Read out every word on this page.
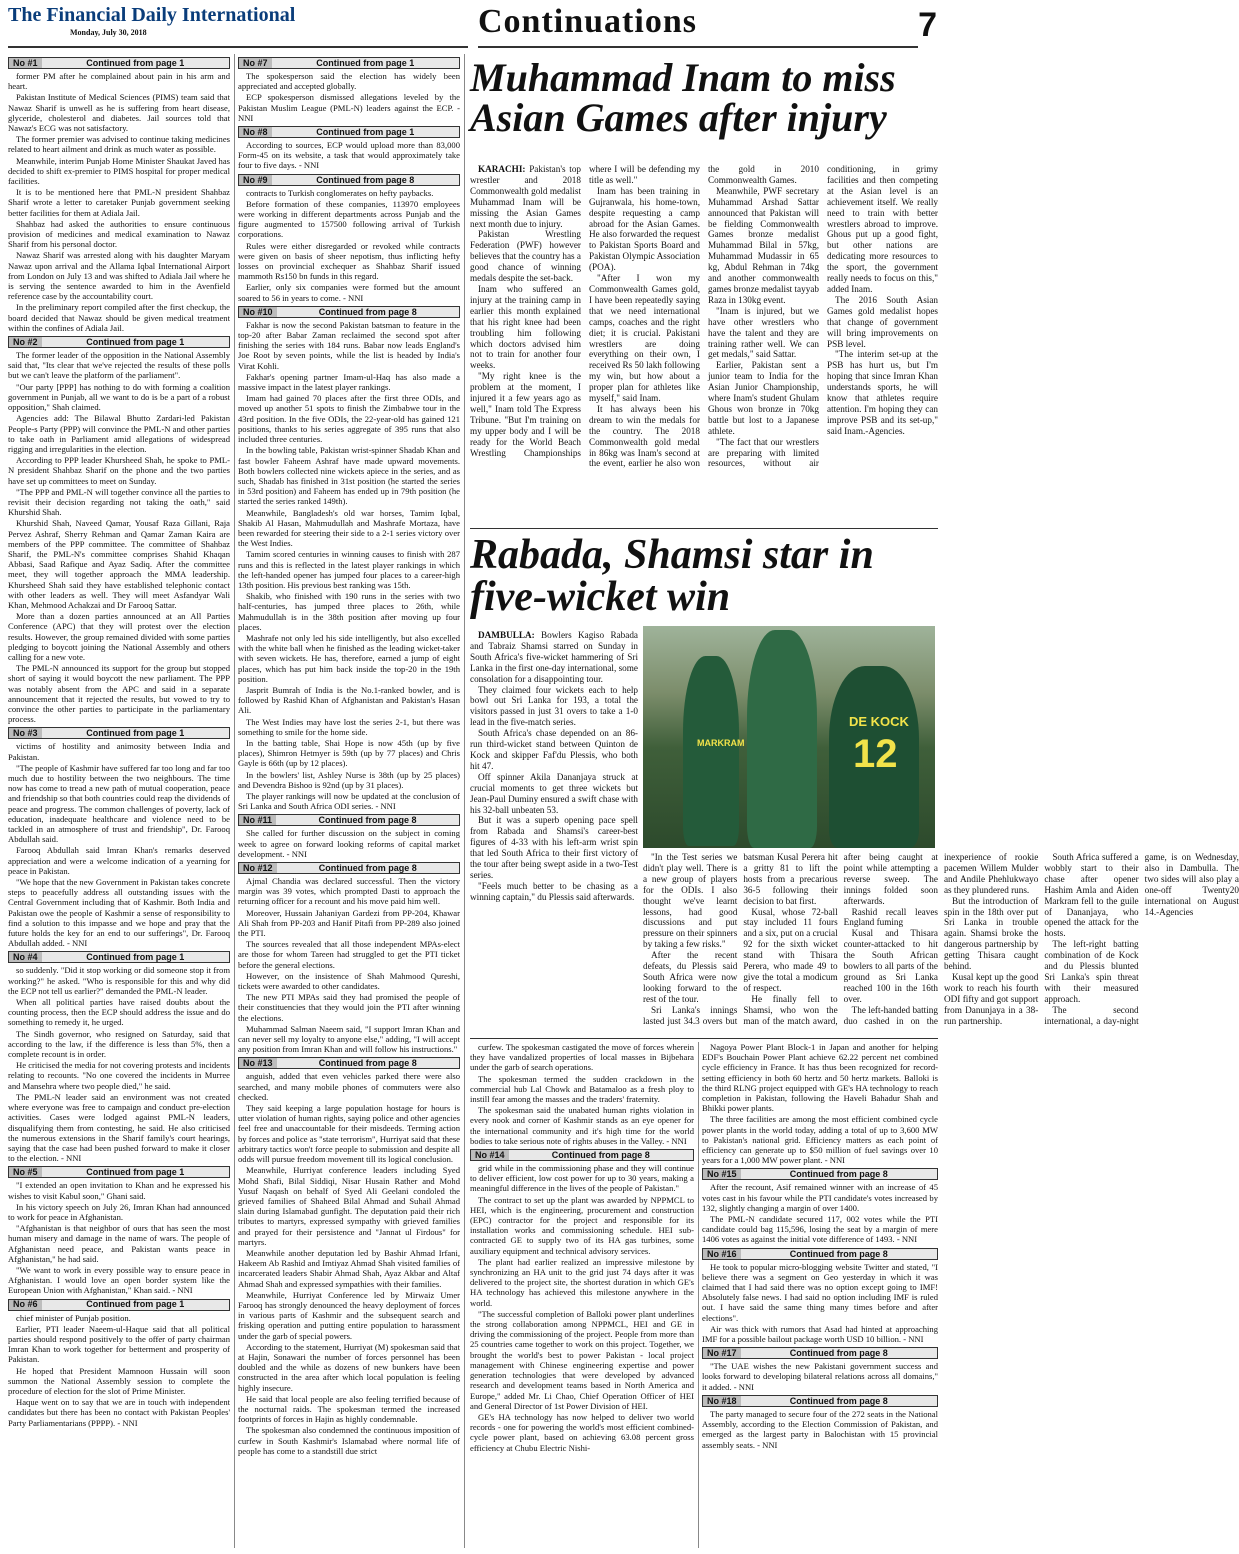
The Financial Daily International
Monday, July 30, 2018	Continuations	7
No #1	Continued from page 1

former PM after he complained about pain in his arm and heart.

Pakistan Institute of Medical Sciences (PIMS) team said that Nawaz Sharif is unwell as he is suffering from heart disease, glyceride, cholesterol and diabetes. Jail sources told that Nawaz's ECG was not satisfactory.

The former premier was advised to continue taking medicines related to heart ailment and drink as much water as possible.

Meanwhile, interim Punjab Home Minister Shaukat Javed has decided to shift ex-premier to PIMS hospital for proper medical facilities.

It is to be mentioned here that PML-N president Shahbaz Sharif wrote a letter to caretaker Punjab government seeking better facilities for them at Adiala Jail.

Shahbaz had asked the authorities to ensure continuous provision of medicines and medical examination to Nawaz Sharif from his personal doctor.

Nawaz Sharif was arrested along with his daughter Maryam Nawaz upon arrival and the Allama Iqbal International Airport from London on July 13 and was shifted to Adiala Jail where he is serving the sentence awarded to him in the Avenfield reference case by the accountability court.

In the preliminary report compiled after the first checkup, the board decided that Nawaz should be given medical treatment within the confines of Adiala Jail.

No #2	Continued from page 1

The former leader of the opposition in the National Assembly said that, "Its clear that we've rejected the results of these polls but we can't leave the platform of the parliament".

"Our party [PPP] has nothing to do with forming a coalition government in Punjab, all we want to do is be a part of a robust opposition," Shah claimed.

Agencies add: The Bilawal Bhutto Zardari-led Pakistan People-s Party (PPP) will convince the PML-N and other parties to take oath in Parliament amid allegations of widespread rigging and irregularities in the election.

According to PPP leader Khursheed Shah, he spoke to PML-N president Shahbaz Sharif on the phone and the two parties have set up committees to meet on Sunday.

"The PPP and PML-N will together convince all the parties to revisit their decision regarding not taking the oath," said Khurshid Shah.

Khurshid Shah, Naveed Qamar, Yousaf Raza Gillani, Raja Pervez Ashraf, Sherry Rehman and Qamar Zaman Kaira are members of the PPP committee. The committee of Shahbaz Sharif, the PML-N's committee comprises Shahid Khaqan Abbasi, Saad Rafique and Ayaz Sadiq. After the committee meet, they will together approach the MMA leadership. Khursheed Shah said they have established telephonic contact with other leaders as well. They will meet Asfandyar Wali Khan, Mehmood Achakzai and Dr Farooq Sattar.

More than a dozen parties announced at an All Parties Conference (APC) that they will protest over the election results. However, the group remained divided with some parties pledging to boycott joining the National Assembly and others calling for a new vote.

The PML-N announced its support for the group but stopped short of saying it would boycott the new parliament. The PPP was notably absent from the APC and said in a separate announcement that it rejected the results, but vowed to try to convince the other parties to participate in the parliamentary process.

No #3	Continued from page 1

victims of hostility and animosity between India and Pakistan.

"The people of Kashmir have suffered far too long and far too much due to hostility between the two neighbours. The time now has come to tread a new path of mutual cooperation, peace and friendship so that both countries could reap the dividends of peace and progress. The common challenges of poverty, lack of education, inadequate healthcare and violence need to be tackled in an atmosphere of trust and friendship", Dr. Farooq Abdullah said.

Farooq Abdullah said Imran Khan's remarks deserved appreciation and were a welcome indication of a yearning for peace in Pakistan.

"We hope that the new Government in Pakistan takes concrete steps to peacefully address all outstanding issues with the Central Government including that of Kashmir. Both India and Pakistan owe the people of Kashmir a sense of responsibility to find a solution to this impasse and we hope and pray that the future holds the key for an end to our sufferings", Dr. Farooq Abdullah added. - NNI

No #4	Continued from page 1

so suddenly. "Did it stop working or did someone stop it from working?" he asked. "Who is responsible for this and why did the ECP not tell us earlier?" demanded the PML-N leader.

When all political parties have raised doubts about the counting process, then the ECP should address the issue and do something to remedy it, he urged.

The Sindh governor, who resigned on Saturday, said that according to the law, if the difference is less than 5%, then a complete recount is in order.

He criticised the media for not covering protests and incidents relating to recounts. "No one covered the incidents in Murree and Mansehra where two people died," he said.

The PML-N leader said an environment was not created where everyone was free to campaign and conduct pre-election activities. Cases were lodged against PML-N leaders, disqualifying them from contesting, he said. He also criticised the numerous extensions in the Sharif family's court hearings, saying that the case had been pushed forward to make it closer to the election. - NNI

No #5	Continued from page 1

"I extended an open invitation to Khan and he expressed his wishes to visit Kabul soon," Ghani said.

In his victory speech on July 26, Imran Khan had announced to work for peace in Afghanistan.

"Afghanistan is that neighbor of ours that has seen the most human misery and damage in the name of wars. The people of Afghanistan need peace, and Pakistan wants peace in Afghanistan," he had said.

"We want to work in every possible way to ensure peace in Afghanistan. I would love an open border system like the European Union with Afghanistan," Khan said. - NNI

No #6	Continued from page 1

chief minister of Punjab position.

Earlier, PTI leader Naeem-ul-Haque said that all political parties should respond positively to the offer of party chairman Imran Khan to work together for betterment and prosperity of Pakistan.

He hoped that President Mamnoon Hussain will soon summon the National Assembly session to complete the procedure of election for the slot of Prime Minister.

Haque went on to say that we are in touch with independent candidates but there has been no contact with Pakistan Peoples' Party Parliamentarians (PPPP). - NNI

No #7	Continued from page 1

The spokesperson said the election has widely been appreciated and accepted globally.

ECP spokesperson dismissed allegations leveled by the Pakistan Muslim League (PML-N) leaders against the ECP. - NNI

No #8	Continued from page 1

According to sources, ECP would upload more than 83,000 Form-45 on its website, a task that would approximately take four to five days. - NNI

No #9	Continued from page 8

contracts to Turkish conglomerates on hefty paybacks.

Before formation of these companies, 113970 employees were working in different departments across Punjab and the figure augmented to 157500 following arrival of Turkish corporations.

Rules were either disregarded or revoked while contracts were given on basis of sheer nepotism, thus inflicting hefty losses on provincial exchequer as Shahbaz Sharif issued mammoth Rs150 bn funds in this regard.

Earlier, only six companies were formed but the amount soared to 56 in years to come. - NNI

No #10	Continued from page 8

Fakhar is now the second Pakistan batsman to feature in the top-20 after Babar Zaman reclaimed the second spot after finishing the series with 184 runs. Babar now leads England's Joe Root by seven points, while the list is headed by India's Virat Kohli.

Fakhar's opening partner Imam-ul-Haq has also made a massive impact in the latest player rankings.

Imam had gained 70 places after the first three ODIs, and moved up another 51 spots to finish the Zimbabwe tour in the 43rd position. In the five ODIs, the 22-year-old has gained 121 positions, thanks to his series aggregate of 395 runs that also included three centuries.

In the bowling table, Pakistan wrist-spinner Shadab Khan and fast bowler Faheem Ashraf have made upward movements. Both bowlers collected nine wickets apiece in the series, and as such, Shadab has finished in 31st position (he started the series in 53rd position) and Faheem has ended up in 79th position (he started the series ranked 149th).

Meanwhile, Bangladesh's old war horses, Tamim Iqbal, Shakib Al Hasan, Mahmudullah and Mashrafe Mortaza, have been rewarded for steering their side to a 2-1 series victory over the West Indies.

Tamim scored centuries in winning causes to finish with 287 runs and this is reflected in the latest player rankings in which the left-handed opener has jumped four places to a career-high 13th position. His previous best ranking was 15th.

Shakib, who finished with 190 runs in the series with two half-centuries, has jumped three places to 26th, while Mahmudullah is in the 38th position after moving up four places.

Mashrafe not only led his side intelligently, but also excelled with the white ball when he finished as the leading wicket-taker with seven wickets. He has, therefore, earned a jump of eight places, which has put him back inside the top-20 in the 19th position.

Jasprit Bumrah of India is the No.1-ranked bowler, and is followed by Rashid Khan of Afghanistan and Pakistan's Hasan Ali.

The West Indies may have lost the series 2-1, but there was something to smile for the home side.

In the batting table, Shai Hope is now 45th (up by five places), Shimron Hetmyer is 59th (up by 77 places) and Chris Gayle is 66th (up by 12 places).

In the bowlers' list, Ashley Nurse is 38th (up by 25 places) and Devendra Bishoo is 92nd (up by 31 places).

The player rankings will now be updated at the conclusion of Sri Lanka and South Africa ODI series. - NNI

No #11	Continued from page 8

She called for further discussion on the subject in coming week to agree on forward looking reforms of capital market development. - NNI

No #12	Continued from page 8

Ajmal Chandia was declared successful. Then the victory margin was 39 votes, which prompted Dasti to approach the returning officer for a recount and his move paid him well.

Moreover, Hussain Jahaniyan Gardezi from PP-204, Khawar Ali Shah from PP-203 and Hanif Pitafi from PP-289 also joined the PTI.

The sources revealed that all those independent MPAs-elect are those for whom Tareen had struggled to get the PTI ticket before the general elections.

However, on the insistence of Shah Mahmood Qureshi, tickets were awarded to other candidates.

The new PTI MPAs said they had promised the people of their constituencies that they would join the PTI after winning the elections.

Muhammad Salman Naeem said, "I support Imran Khan and can never sell my loyalty to anyone else," adding, "I will accept any position from Imran Khan and will follow his instructions."

No #13	Continued from page 8

anguish, added that even vehicles parked there were also searched, and many mobile phones of commuters were also checked.

They said keeping a large population hostage for hours is utter violation of human rights, saying police and other agencies feel free and unaccountable for their misdeeds. Terming action by forces and police as "state terrorism", Hurriyat said that these arbitrary tactics won't force people to submission and despite all odds will pursue freedom movement till its logical conclusion.

Meanwhile, Hurriyat conference leaders including Syed Mohd Shafi, Bilal Siddiqi, Nisar Husain Rather and Mohd Yusuf Naqash on behalf of Syed Ali Geelani condoled the grieved families of Shaheed Bilal Ahmad and Suhail Ahmad slain during Islamabad gunfight. The deputation paid their rich tributes to martyrs, expressed sympathy with grieved families and prayed for their persistence and "Jannat ul Firdous" for martyrs.

Meanwhile another deputation led by Bashir Ahmad Irfani, Hakeem Ab Rashid and Imtiyaz Ahmad Shah visited families of incarcerated leaders Shabir Ahmad Shah, Ayaz Akbar and Altaf Ahmad Shah and expressed sympathies with their families.

Meanwhile, Hurriyat Conference led by Mirwaiz Umer Farooq has strongly denounced the heavy deployment of forces in various parts of Kashmir and the subsequent search and frisking operation and putting entire population to harassment under the garb of special powers.

According to the statement, Hurriyat (M) spokesman said that at Hajin, Sonawari the number of forces personnel has been doubled and the while as dozens of new bunkers have been constructed in the area after which local population is feeling highly insecure.

He said that local people are also feeling terrified because of the nocturnal raids. The spokesman termed the increased footprints of forces in Hajin as highly condemnable.

The spokesman also condemned the continuous imposition of curfew in South Kashmir's Islamabad where normal life of people has come to a standstill due strict

Muhammad Inam to miss Asian Games after injury

KARACHI: Pakistan's top wrestler and 2018 Commonwealth gold medalist Muhammad Inam will be missing the Asian Games next month due to injury.

Pakistan Wrestling Federation (PWF) however believes that the country has a good chance of winning medals despite the set-back.

Inam who suffered an injury at the training camp in earlier this month explained that his right knee had been troubling him following which doctors advised him not to train for another four weeks.

"My right knee is the problem at the moment, I injured it a few years ago as well," Inam told The Express Tribune. "But I'm training on my upper body and I will be ready for the World Beach Wrestling Championships where I will be defending my title as well."

Inam has been training in Gujranwala, his home-town, despite requesting a camp abroad for the Asian Games. He also forwarded the request to Pakistan Sports Board and Pakistan Olympic Association (POA).

"After I won my Commonwealth Games gold, I have been repeatedly saying that we need international camps, coaches and the right diet; it is crucial. Pakistani wrestlers are doing everything on their own, I received Rs 50 lakh following my win, but how about a proper plan for athletes like myself," said Inam.

It has always been his dream to win the medals for the country. The 2018 Commonwealth gold medal in 86kg was Inam's second at the event, earlier he also won the gold in 2010 Commonwealth Games.

Meanwhile, PWF secretary Muhammad Arshad Sattar announced that Pakistan will be fielding Commonwealth Games bronze medalist Muhammad Bilal in 57kg, Muhammad Mudassir in 65 kg, Abdul Rehman in 74kg and another commonwealth games bronze medalist tayyab Raza in 130kg event.

"Inam is injured, but we have other wrestlers who have the talent and they are training rather well. We can get medals," said Sattar.

Earlier, Pakistan sent a junior team to India for the Asian Junior Championship, where Inam's student Ghulam Ghous won bronze in 70kg battle but lost to a Japanese athlete.

"The fact that our wrestlers are preparing with limited resources, without air conditioning, in grimy facilities and then competing at the Asian level is an achievement itself. We really need to train with better wrestlers abroad to improve. Ghous put up a good fight, but other nations are dedicating more resources to the sport, the government really needs to focus on this," added Inam.

The 2016 South Asian Games gold medalist hopes that change of government will bring improvements on PSB level.

"The interim set-up at the PSB has hurt us, but I'm hoping that since Imran Khan understands sports, he will know that athletes require attention. I'm hoping they can improve PSB and its set-up," said Inam.-Agencies.

Rabada, Shamsi star in five-wicket win

DAMBULLA: Bowlers Kagiso Rabada and Tabraiz Shamsi starred on Sunday in South Africa's five-wicket hammering of Sri Lanka in the first one-day international, some consolation for a disappointing tour.

They claimed four wickets each to help bowl out Sri Lanka for 193, a total the visitors passed in just 31 overs to take a 1-0 lead in the five-match series.

South Africa's chase depended on an 86-run third-wicket stand between Quinton de Kock and skipper Faf'du Plessis, who both hit 47.

Off spinner Akila Dananjaya struck at crucial moments to get three wickets but Jean-Paul Duminy ensured a swift chase with his 32-ball unbeaten 53.

But it was a superb opening pace spell from Rabada and Shamsi's career-best figures of 4-33 with his left-arm wrist spin that led South Africa to their first victory of the tour after being swept aside in a two-Test series.

"Feels much better to be chasing as a winning captain," du Plessis said afterwards.

MARKRAM
DE KOCK
12

"In the Test series we didn't play well. There is a new group of players for the ODIs. I also thought we've learnt lessons, had good discussions and put pressure on their spinners by taking a few risks."

After the recent defeats, du Plessis said South Africa were now looking forward to the rest of the tour.

Sri Lanka's innings lasted just 34.3 overs but batsman Kusal Perera hit a gritty 81 to lift the hosts from a precarious 36-5 following their decision to bat first.

Kusal, whose 72-ball stay included 11 fours and a six, put on a crucial 92 for the sixth wicket stand with Thisara Perera, who made 49 to give the total a modicum of respect.

He finally fell to Shamsi, who won the man of the match award, after being caught at point while attempting a reverse sweep. The innings folded soon afterwards.

Rashid recall leaves England fuming

Kusal and Thisara counter-attacked to hit the South African bowlers to all parts of the ground as Sri Lanka reached 100 in the 16th over.

The left-handed batting duo cashed in on the inexperience of rookie pacemen Willem Mulder and Andile Phehlukwayo as they plundered runs.

But the introduction of spin in the 18th over put Sri Lanka in trouble again. Shamsi broke the dangerous partnership by getting Thisara caught behind.

Kusal kept up the good work to reach his fourth ODI fifty and got support from Danunjaya in a 38-run partnership.

South Africa suffered a wobbly start to their chase after opener Hashim Amla and Aiden Markram fell to the guile of Dananjaya, who opened the attack for the hosts.

The left-right batting combination of de Kock and du Plessis blunted Sri Lanka's spin threat with their measured approach.

The second international, a day-night game, is on Wednesday, also in Dambulla. The two sides will also play a one-off Twenty20 international on August 14.-Agencies

curfew. The spokesman castigated the move of forces wherein they have vandalized properties of local masses in Bijbehara under the garb of search operations.

The spokesman termed the sudden crackdown in the commercial hub Lal Chowk and Batamaloo as a fresh ploy to instill fear among the masses and the traders' fraternity.

The spokesman said the unabated human rights violation in every nook and corner of Kashmir stands as an eye opener for the international community and it's high time for the world bodies to take serious note of rights abuses in the Valley. - NNI

No #14	Continued from page 8

grid while in the commissioning phase and they will continue to deliver efficient, low cost power for up to 30 years, making a meaningful difference in the lives of the people of Pakistan."

The contract to set up the plant was awarded by NPPMCL to HEI, which is the engineering, procurement and construction (EPC) contractor for the project and responsible for its installation works and commissioning schedule. HEI sub-contracted GE to supply two of its HA gas turbines, some auxiliary equipment and technical advisory services.

The plant had earlier realized an impressive milestone by synchronizing an HA unit to the grid just 74 days after it was delivered to the project site, the shortest duration in which GE's HA technology has achieved this milestone anywhere in the world.

"The successful completion of Balloki power plant underlines the strong collaboration among NPPMCL, HEI and GE in driving the commissioning of the project. People from more than 25 countries came together to work on this project. Together, we brought the world's best to power Pakistan - local project management with Chinese engineering expertise and power generation technologies that were developed by advanced research and development teams based in North America and Europe," added Mr. Li Chao, Chief Operation Officer of HEI and General Director of 1st Power Division of HEI.

GE's HA technology has now helped to deliver two world records - one for powering the world's most efficient combined-cycle power plant, based on achieving 63.08 percent gross efficiency at Chubu Electric Nishi-

Nagoya Power Plant Block-1 in Japan and another for helping EDF's Bouchain Power Plant achieve 62.22 percent net combined cycle efficiency in France. It has thus been recognized for record-setting efficiency in both 60 hertz and 50 hertz markets. Balloki is the third RLNG project equipped with GE's HA technology to reach completion in Pakistan, following the Haveli Bahadur Shah and Bhikki power plants.

The three facilities are among the most efficient combined cycle power plants in the world today, adding a total of up to 3,600 MW to Pakistan's national grid. Efficiency matters as each point of efficiency can generate up to $50 million of fuel savings over 10 years for a 1,000 MW power plant. - NNI

No #15	Continued from page 8

After the recount, Asif remained winner with an increase of 45 votes cast in his favour while the PTI candidate's votes increased by 132, slightly changing a margin of over 1400.

The PML-N candidate secured 117, 002 votes while the PTI candidate could bag 115,596, losing the seat by a margin of mere 1406 votes as against the initial vote difference of 1493. - NNI

No #16	Continued from page 8

He took to popular micro-blogging website Twitter and stated, "I believe there was a segment on Geo yesterday in which it was claimed that I had said there was no option except going to IMF! Absolutely false news. I had said no option including IMF is ruled out. I have said the same thing many times before and after elections".

Air was thick with rumors that Asad had hinted at approaching IMF for a possible bailout package worth USD 10 billion. - NNI

No #17	Continued from page 8

"The UAE wishes the new Pakistani government success and looks forward to developing bilateral relations across all domains," it added. - NNI

No #18	Continued from page 8

The party managed to secure four of the 272 seats in the National Assembly, according to the Election Commission of Pakistan, and emerged as the largest party in Balochistan with 15 provincial assembly seats. - NNI
